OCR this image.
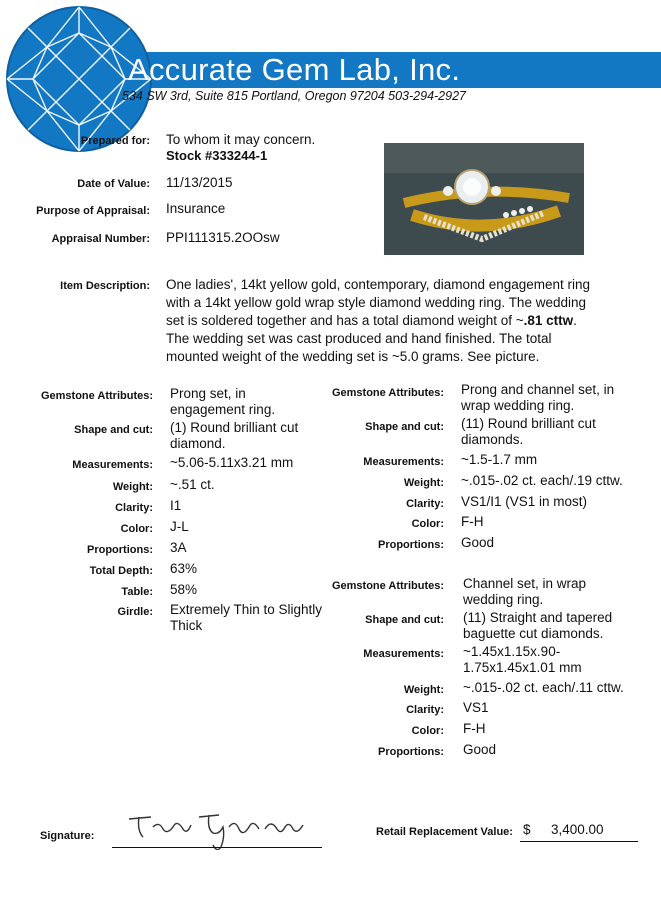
Accurate Gem Lab, Inc.
534 SW 3rd, Suite 815 Portland, Oregon 97204 503-294-2927
Prepared for: To whom it may concern.
Stock #333244-1
Date of Value: 11/13/2015
Purpose of Appraisal: Insurance
Appraisal Number: PPI111315.2OOsw
Item Description: One ladies', 14kt yellow gold, contemporary, diamond engagement ring
with a 14kt yellow gold wrap style diamond wedding ring. The wedding
set is soldered together and has a total diamond weight of ~.81 cttw.
The wedding set was cast produced and hand finished. The total
mounted weight of the wedding set is ~5.0 grams. See picture.
Gemstone Attributes: Prong set, in
engagement ring.
Shape and cut: (1) Round brilliant cut
diamond.
Measurements: ~5.06-5.11x3.21 mm
Weight: ~.51 ct.
Clarity: I1
Color: J-L
Proportions: 3A
Total Depth: 63%
Table: 58%
Girdle: Extremely Thin to Slightly
Thick
Gemstone Attributes: Prong and channel set, in
wrap wedding ring.
Shape and cut: (11) Round brilliant cut
diamonds.
Measurements: ~1.5-1.7 mm
Weight: ~.015-.02 ct. each/.19 cttw.
Clarity: VS1/I1 (VS1 in most)
Color: F-H
Proportions: Good
Gemstone Attributes: Channel set, in wrap
wedding ring.
Shape and cut: (11) Straight and tapered
baguette cut diamonds.
Measurements: ~1.45x1.15x.90-
1.75x1.45x1.01 mm
Weight: ~.015-.02 ct. each/.11 cttw.
Clarity: VS1
Color: F-H
Proportions: Good
Signature:	Retail Replacement Value: $ 3,400.00
